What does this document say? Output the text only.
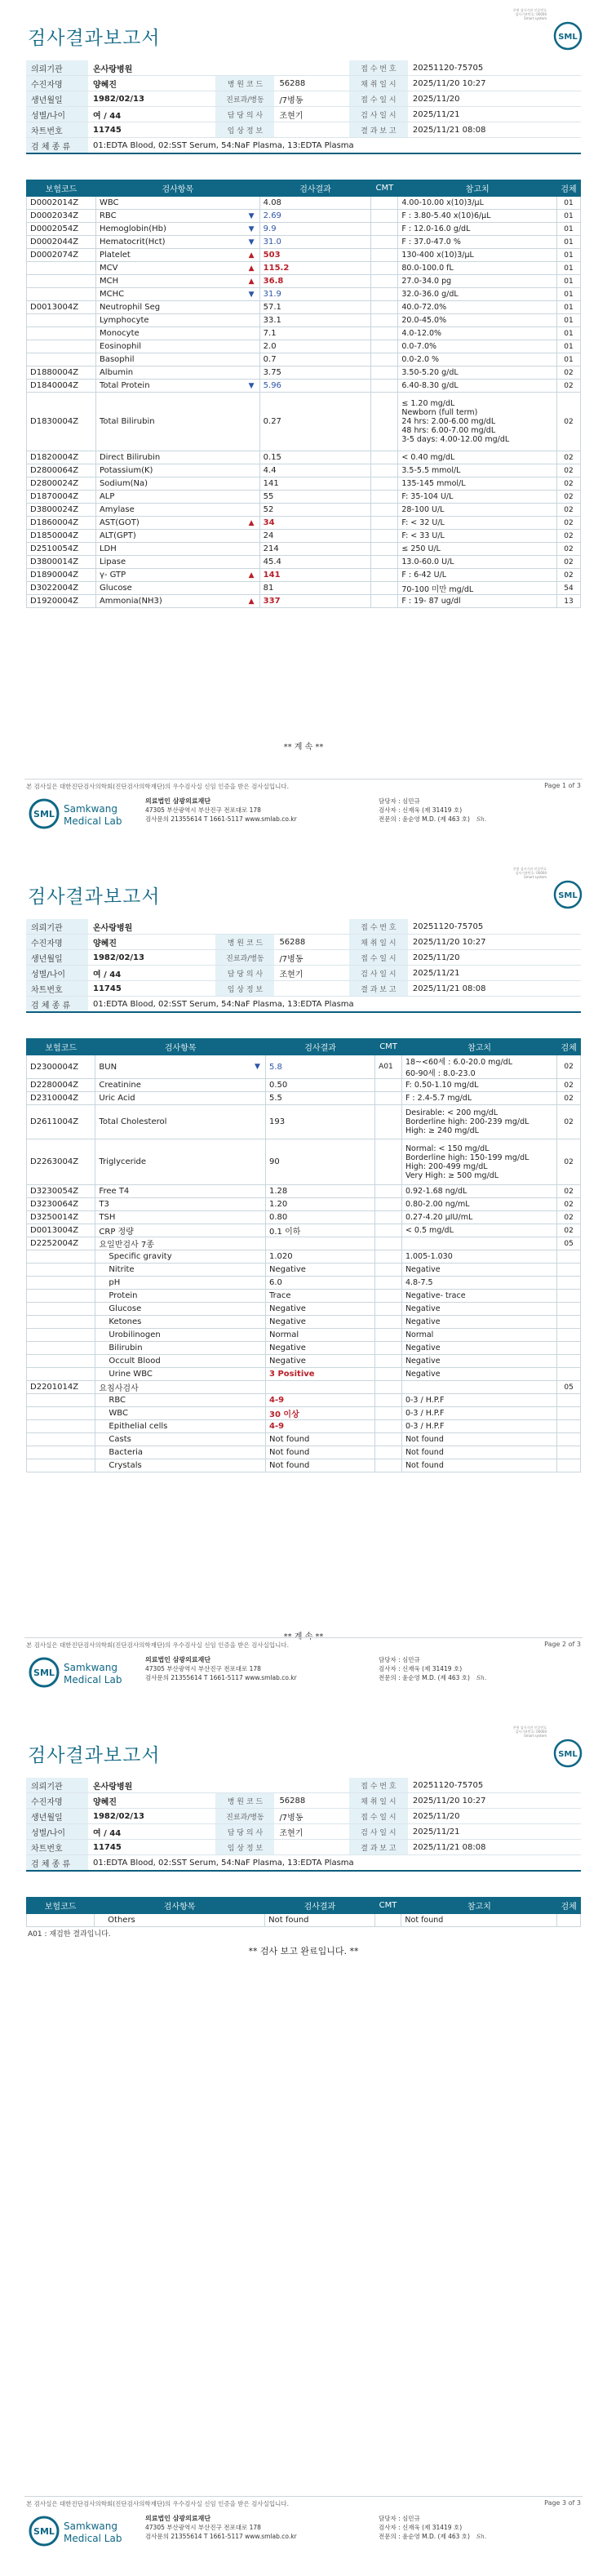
본원 검사기관 인증번호
검사기관번호: 00000
Smart system
SML
검사결과보고서
의뢰기관	온사랑병원			접 수 번 호	20251120-75705
수진자명	양혜진	병 원 코 드	56288	채 취 일 시	2025/11/20 10:27
생년월일	1982/02/13	진료과/병동	/7병동	접 수 일 시	2025/11/20
성별/나이	여 / 44	담 당 의 사	조현기	검 사 일 시	2025/11/21
차트번호	11745	임 상 정 보		결 과 보 고	2025/11/21 08:08
검 체 종 류	01:EDTA Blood, 02:SST Serum, 54:NaF Plasma, 13:EDTA Plasma				
보험코드	검사항목	검사결과	CMT	참고치	검체
D0002014Z	WBC	4.08		4.00-10.00 x(10)3/μL	01
D0002034Z	RBC	▼ 2.69		F : 3.80-5.40 x(10)6/μL	01
D0002054Z	Hemoglobin(Hb)	▼ 9.9		F : 12.0-16.0 g/dL	01
D0002044Z	Hematocrit(Hct)	▼ 31.0		F : 37.0-47.0 %	01
D0002074Z	Platelet	▲ 503		130-400 x(10)3/μL	01
	MCV	▲ 115.2		80.0-100.0 fL	01
	MCH	▲ 36.8		27.0-34.0 pg	01
	MCHC	▼ 31.9		32.0-36.0 g/dL	01
D0013004Z	Neutrophil Seg	57.1		40.0-72.0%	01
	Lymphocyte	33.1		20.0-45.0%	01
	Monocyte	7.1		4.0-12.0%	01
	Eosinophil	2.0		0.0-7.0%	01
	Basophil	0.7		0.0-2.0 %	01
D1880004Z	Albumin	3.75		3.50-5.20 g/dL	02
D1840004Z	Total Protein	▼ 5.96		6.40-8.30 g/dL	02
D1830004Z	Total Bilirubin	0.27		≤ 1.20 mg/dL
Newborn (full term)
24 hrs: 2.00-6.00 mg/dL
48 hrs: 6.00-7.00 mg/dL
3-5 days: 4.00-12.00 mg/dL	02
D1820004Z	Direct Bilirubin	0.15		< 0.40 mg/dL	02
D2800064Z	Potassium(K)	4.4		3.5-5.5 mmol/L	02
D2800024Z	Sodium(Na)	141		135-145 mmol/L	02
D1870004Z	ALP	55		F: 35-104 U/L	02
D3800024Z	Amylase	52		28-100 U/L	02
D1860004Z	AST(GOT)	▲ 34		F: < 32 U/L	02
D1850004Z	ALT(GPT)	24		F: < 33 U/L	02
D2510054Z	LDH	214		≤ 250 U/L	02
D3800014Z	Lipase	45.4		13.0-60.0 U/L	02
D1890004Z	γ- GTP	▲ 141		F : 6-42 U/L	02
D3022004Z	Glucose	81		70-100 미만 mg/dL	54
D1920004Z	Ammonia(NH3)	▲ 337		F : 19- 87 ug/dl	13
** 계 속 **
본 검사실은 대한진단검사의학회(진단검사의학재단)의 우수검사실 신임 인증을 받은 검사실입니다.	Page 1 of 3
SML Samkwang
Medical Lab
의료법인 삼광의료재단
47305 부산광역시 부산진구 전포대로 178
검사문의 21355614 T 1661-5117 www.smlab.co.kr
담당자 : 심민규
검사자 : 신재욱 (제 31419 호)
전문의 : 윤순영 M.D. (제 463 호) Sh.
본원 검사기관 인증번호
검사기관번호: 00000
Smart system
SML
검사결과보고서
의뢰기관	온사랑병원			접 수 번 호	20251120-75705
수진자명	양혜진	병 원 코 드	56288	채 취 일 시	2025/11/20 10:27
생년월일	1982/02/13	진료과/병동	/7병동	접 수 일 시	2025/11/20
성별/나이	여 / 44	담 당 의 사	조현기	검 사 일 시	2025/11/21
차트번호	11745	임 상 정 보		결 과 보 고	2025/11/21 08:08
검 체 종 류	01:EDTA Blood, 02:SST Serum, 54:NaF Plasma, 13:EDTA Plasma				
보험코드	검사항목	검사결과	CMT	참고치	검체
D2300004Z	BUN	▼ 5.8	A01	18~<60세 : 6.0-20.0 mg/dL
60-90세 : 8.0-23.0	02
D2280004Z	Creatinine	0.50		F: 0.50-1.10 mg/dL	02
D2310004Z	Uric Acid	5.5		F : 2.4-5.7 mg/dL	02
D2611004Z	Total Cholesterol	193		Desirable: < 200 mg/dL
Borderline high: 200-239 mg/dL
High: ≥ 240 mg/dL	02
D2263004Z	Triglyceride	90		Normal: < 150 mg/dL
Borderline high: 150-199 mg/dL
High: 200-499 mg/dL
Very High: ≥ 500 mg/dL	02
D3230054Z	Free T4	1.28		0.92-1.68 ng/dL	02
D3230064Z	T3	1.20		0.80-2.00 ng/mL	02
D3250014Z	TSH	0.80		0.27-4.20 μIU/mL	02
D0013004Z	CRP 정량	0.1 이하		< 0.5 mg/dL	02
D2252004Z	요일반검사 7종				05
	Specific gravity	1.020		1.005-1.030	
	Nitrite	Negative		Negative	
	pH	6.0		4.8-7.5	
	Protein	Trace		Negative- trace	
	Glucose	Negative		Negative	
	Ketones	Negative		Negative	
	Urobilinogen	Normal		Normal	
	Bilirubin	Negative		Negative	
	Occult Blood	Negative		Negative	
	Urine WBC	3 Positive		Negative	
D2201014Z	요침사검사				05
	RBC	4-9		0-3 / H.P.F	
	WBC	30 이상		0-3 / H.P.F	
	Epithelial cells	4-9		0-3 / H.P.F	
	Casts	Not found		Not found	
	Bacteria	Not found		Not found	
	Crystals	Not found		Not found	
** 계 속 **
본 검사실은 대한진단검사의학회(진단검사의학재단)의 우수검사실 신임 인증을 받은 검사실입니다.	Page 2 of 3
SML Samkwang
Medical Lab
의료법인 삼광의료재단
47305 부산광역시 부산진구 전포대로 178
검사문의 21355614 T 1661-5117 www.smlab.co.kr
담당자 : 심민규
검사자 : 신재욱 (제 31419 호)
전문의 : 윤순영 M.D. (제 463 호) Sh.
본원 검사기관 인증번호
검사기관번호: 00000
Smart system
SML
검사결과보고서
의뢰기관	온사랑병원			접 수 번 호	20251120-75705
수진자명	양혜진	병 원 코 드	56288	채 취 일 시	2025/11/20 10:27
생년월일	1982/02/13	진료과/병동	/7병동	접 수 일 시	2025/11/20
성별/나이	여 / 44	담 당 의 사	조현기	검 사 일 시	2025/11/21
차트번호	11745	임 상 정 보		결 과 보 고	2025/11/21 08:08
검 체 종 류	01:EDTA Blood, 02:SST Serum, 54:NaF Plasma, 13:EDTA Plasma				
보험코드	검사항목	검사결과	CMT	참고치	검체
	Others	Not found		Not found	
A01 : 재검한 결과입니다.
** 검사 보고 완료입니다. **
본 검사실은 대한진단검사의학회(진단검사의학재단)의 우수검사실 신임 인증을 받은 검사실입니다.	Page 3 of 3
SML Samkwang
Medical Lab
의료법인 삼광의료재단
47305 부산광역시 부산진구 전포대로 178
검사문의 21355614 T 1661-5117 www.smlab.co.kr
담당자 : 심민규
검사자 : 신재욱 (제 31419 호)
전문의 : 윤순영 M.D. (제 463 호) Sh.
